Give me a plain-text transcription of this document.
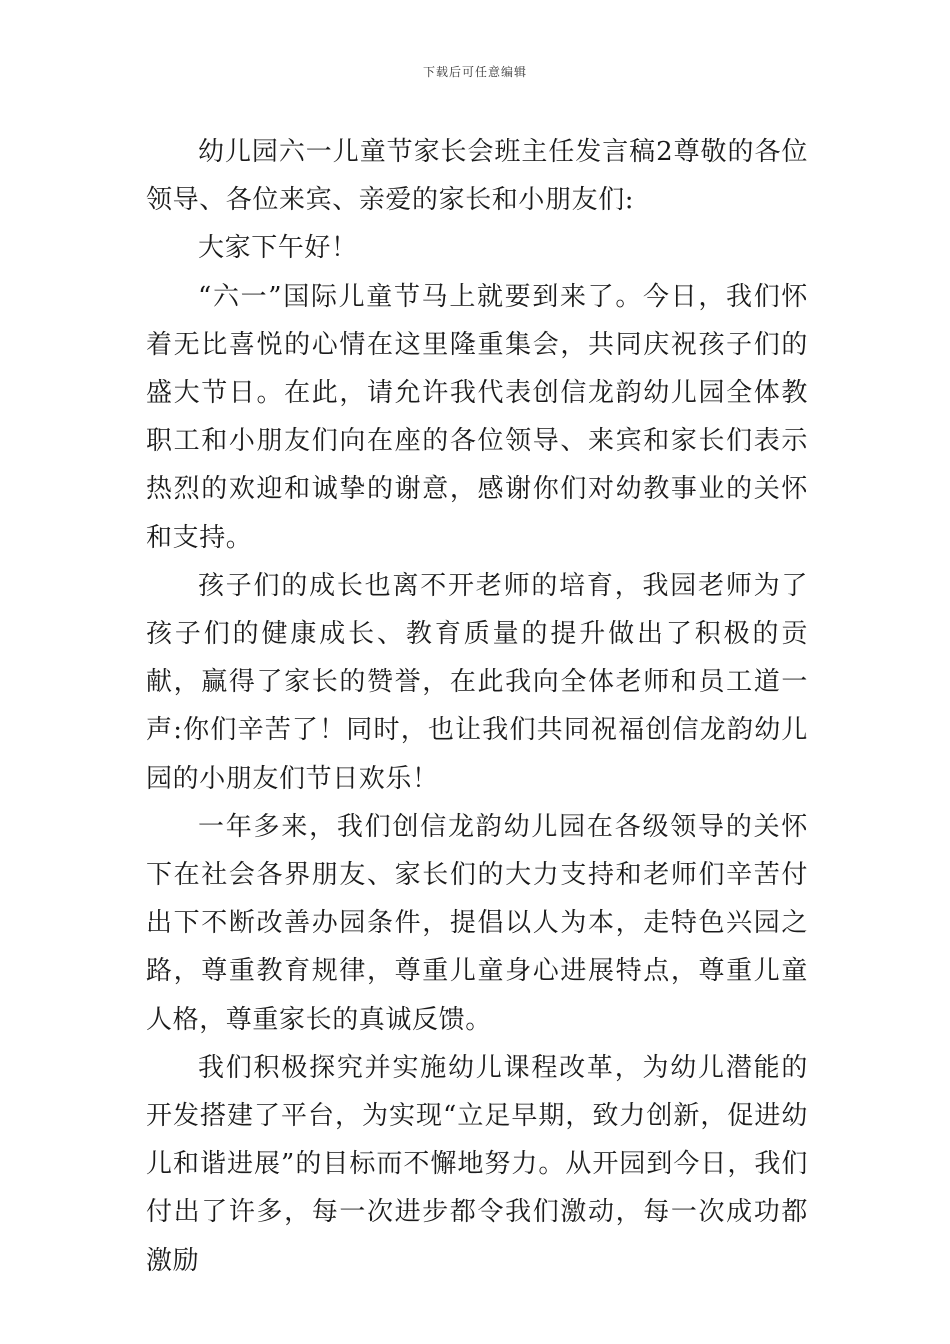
下载后可任意编辑

幼儿园六一儿童节家长会班主任发言稿2尊敬的各位领导、各位来宾、亲爱的家长和小朋友们:

大家下午好！

“六一”国际儿童节马上就要到来了。今日，我们怀着无比喜悦的心情在这里隆重集会，共同庆祝孩子们的盛大节日。在此，请允许我代表创信龙韵幼儿园全体教职工和小朋友们向在座的各位领导、来宾和家长们表示热烈的欢迎和诚挚的谢意，感谢你们对幼教事业的关怀和支持。

孩子们的成长也离不开老师的培育，我园老师为了孩子们的健康成长、教育质量的提升做出了积极的贡献，赢得了家长的赞誉，在此我向全体老师和员工道一声:你们辛苦了！同时，也让我们共同祝福创信龙韵幼儿园的小朋友们节日欢乐！

一年多来，我们创信龙韵幼儿园在各级领导的关怀下在社会各界朋友、家长们的大力支持和老师们辛苦付出下不断改善办园条件，提倡以人为本，走特色兴园之路，尊重教育规律，尊重儿童身心进展特点，尊重儿童人格，尊重家长的真诚反馈。

我们积极探究并实施幼儿课程改革，为幼儿潜能的开发搭建了平台，为实现“立足早期，致力创新，促进幼儿和谐进展”的目标而不懈地努力。从开园到今日，我们付出了许多，每一次进步都令我们激动，每一次成功都激励
